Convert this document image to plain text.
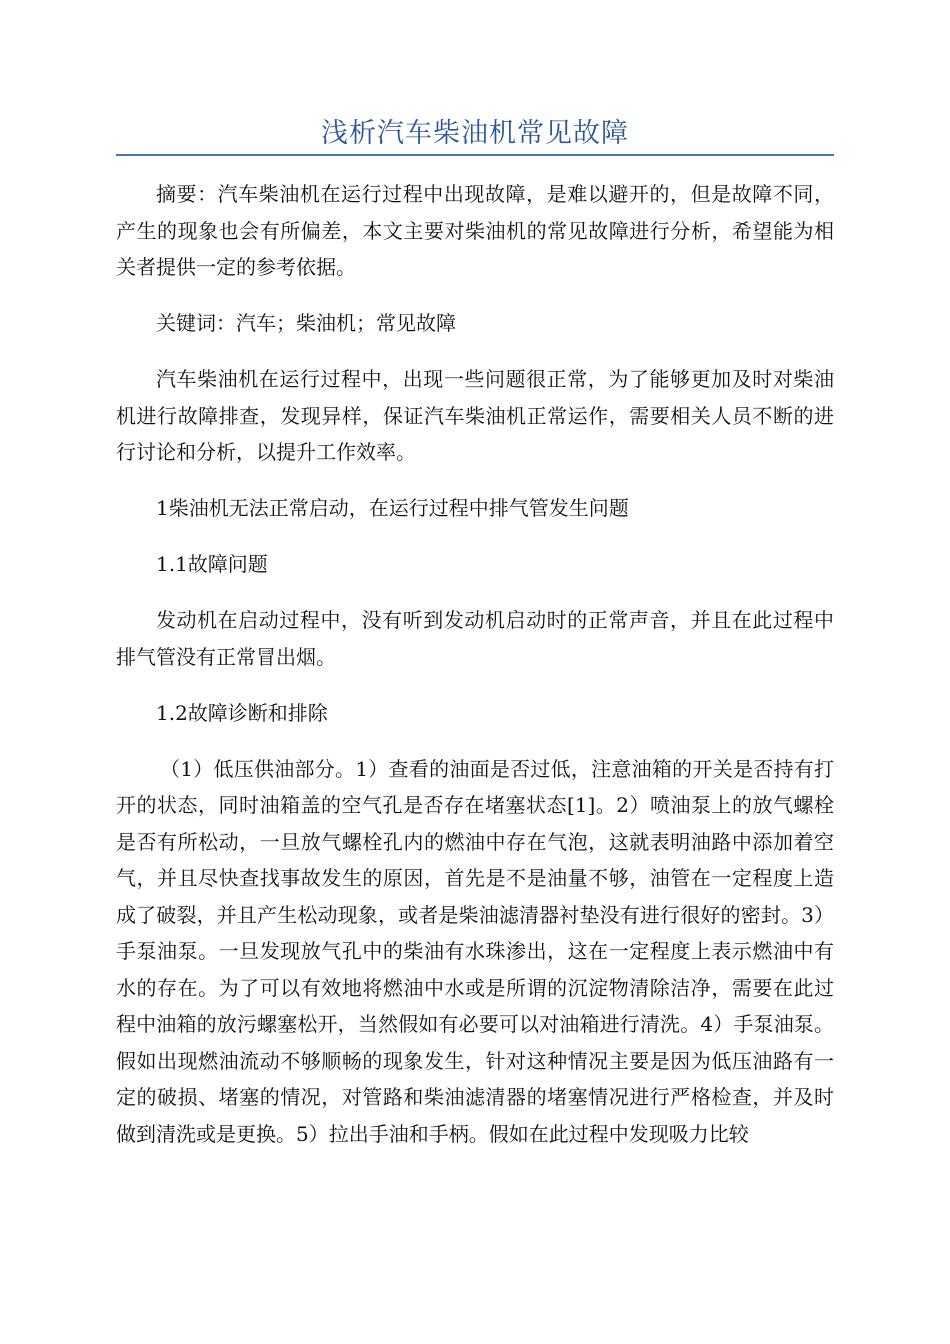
浅析汽车柴油机常见故障

摘要：汽车柴油机在运行过程中出现故障，是难以避开的，但是故障不同，产生的现象也会有所偏差，本文主要对柴油机的常见故障进行分析，希望能为相关者提供一定的参考依据。

关键词：汽车；柴油机；常见故障

汽车柴油机在运行过程中，出现一些问题很正常，为了能够更加及时对柴油机进行故障排查，发现异样，保证汽车柴油机正常运作，需要相关人员不断的进行讨论和分析，以提升工作效率。

1柴油机无法正常启动，在运行过程中排气管发生问题

1.1故障问题

发动机在启动过程中，没有听到发动机启动时的正常声音，并且在此过程中排气管没有正常冒出烟。

1.2故障诊断和排除

（1）低压供油部分。1）查看的油面是否过低，注意油箱的开关是否持有打开的状态，同时油箱盖的空气孔是否存在堵塞状态[1]。2）喷油泵上的放气螺栓是否有所松动，一旦放气螺栓孔内的燃油中存在气泡，这就表明油路中添加着空气，并且尽快查找事故发生的原因，首先是不是油量不够，油管在一定程度上造成了破裂，并且产生松动现象，或者是柴油滤清器衬垫没有进行很好的密封。3）手泵油泵。一旦发现放气孔中的柴油有水珠渗出，这在一定程度上表示燃油中有水的存在。为了可以有效地将燃油中水或是所谓的沉淀物清除洁净，需要在此过程中油箱的放污螺塞松开，当然假如有必要可以对油箱进行清洗。4）手泵油泵。假如出现燃油流动不够顺畅的现象发生，针对这种情况主要是因为低压油路有一定的破损、堵塞的情况，对管路和柴油滤清器的堵塞情况进行严格检查，并及时做到清洗或是更换。5）拉出手油和手柄。假如在此过程中发现吸力比较
